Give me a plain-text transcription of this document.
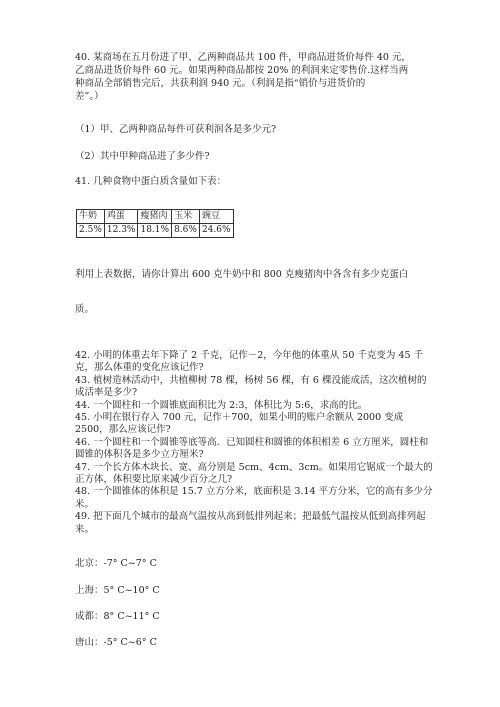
40. 某商场在五月份进了甲、乙两种商品共 100 件，甲商品进货价每件 40 元，
乙商品进货价每件 60 元。如果两种商品都按 20% 的利润来定零售价.这样当两
种商品全部销售完后，共获利润 940 元。（利润是指“销价与进货价的
差”。）
（1）甲、乙两种商品每件可获利润各是多少元?
（2）其中甲种商品进了多少件?
41. 几种食物中蛋白质含量如下表：
牛奶	鸡蛋	瘦猪肉	玉米	豌豆
2.5%	12.3%	18.1%	8.6%	24.6%
利用上表数据，请你计算出 600 克牛奶中和 800 克瘦猪肉中各含有多少克蛋白
质。

42. 小明的体重去年下降了 2 千克，记作－2，今年他的体重从 50 千克变为 45 千克，那么体重的变化应该记作?

43. 植树造林活动中，共植柳树 78 棵，杨树 56 棵，有 6 棵没能成活，这次植树的成活率是多少?

44. 一个圆柱和一个圆锥底面积比为 2:3，体积比为 5:6，求高的比。

45. 小明在银行存入 700 元，记作＋700，如果小明的账户余额从 2000 变成 2500，那么应该记作?

46. 一个圆柱和一个圆锥等底等高．已知圆柱和圆锥的体积相差 6 立方厘米，圆柱和圆锥的体积各是多少立方厘米?

47. 一个长方体木块长、宽、高分别是 5cm、4cm、3cm。如果用它锯成一个最大的正方体，体积要比原来减少百分之几?

48. 一个圆锥体的体积是 15.7 立方分米，底面积是 3.14 平方分米，它的高有多少分米。

49. 把下面几个城市的最高气温按从高到低排列起来；把最低气温按从低到高排列起来。

北京：-7° C~7° C
上海：5° C~10° C
成都：8° C~11° C
唐山：-5° C~6° C
